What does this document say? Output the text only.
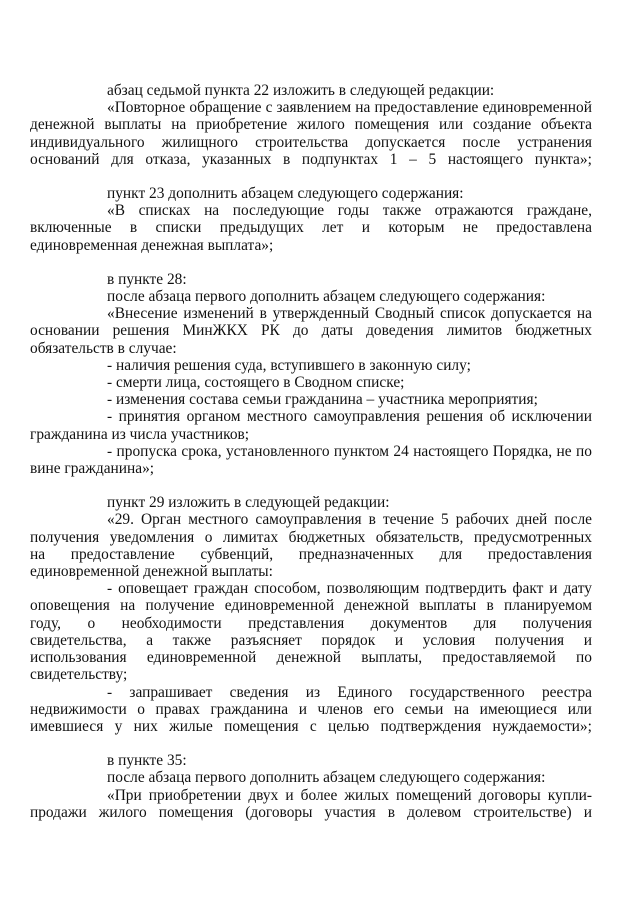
абзац седьмой пункта 22 изложить в следующей редакции:
«Повторное обращение с заявлением на предоставление единовременной
денежной выплаты на приобретение жилого помещения или создание объекта
индивидуального жилищного строительства допускается после устранения
оснований для отказа, указанных в подпунктах 1 – 5 настоящего пункта»;
пункт 23 дополнить абзацем следующего содержания:
«В списках на последующие годы также отражаются граждане,
включенные в списки предыдущих лет и которым не предоставлена
единовременная денежная выплата»;
в пункте 28:
после абзаца первого дополнить абзацем следующего содержания:
«Внесение изменений в утвержденный Сводный список допускается на
основании решения МинЖКХ РК до даты доведения лимитов бюджетных
обязательств в случае:
- наличия решения суда, вступившего в законную силу;
- смерти лица, состоящего в Сводном списке;
- изменения состава семьи гражданина – участника мероприятия;
- принятия органом местного самоуправления решения об исключении
гражданина из числа участников;
- пропуска срока, установленного пунктом 24 настоящего Порядка, не по
вине гражданина»;
пункт 29 изложить в следующей редакции:
«29. Орган местного самоуправления в течение 5 рабочих дней после
получения уведомления о лимитах бюджетных обязательств, предусмотренных
на предоставление субвенций, предназначенных для предоставления
единовременной денежной выплаты:
- оповещает граждан способом, позволяющим подтвердить факт и дату
оповещения на получение единовременной денежной выплаты в планируемом
году, о необходимости представления документов для получения
свидетельства, а также разъясняет порядок и условия получения и
использования единовременной денежной выплаты, предоставляемой по
свидетельству;
- запрашивает сведения из Единого государственного реестра
недвижимости о правах гражданина и членов его семьи на имеющиеся или
имевшиеся у них жилые помещения с целью подтверждения нуждаемости»;
в пункте 35:
после абзаца первого дополнить абзацем следующего содержания:
«При приобретении двух и более жилых помещений договоры купли-
продажи жилого помещения (договоры участия в долевом строительстве) и
